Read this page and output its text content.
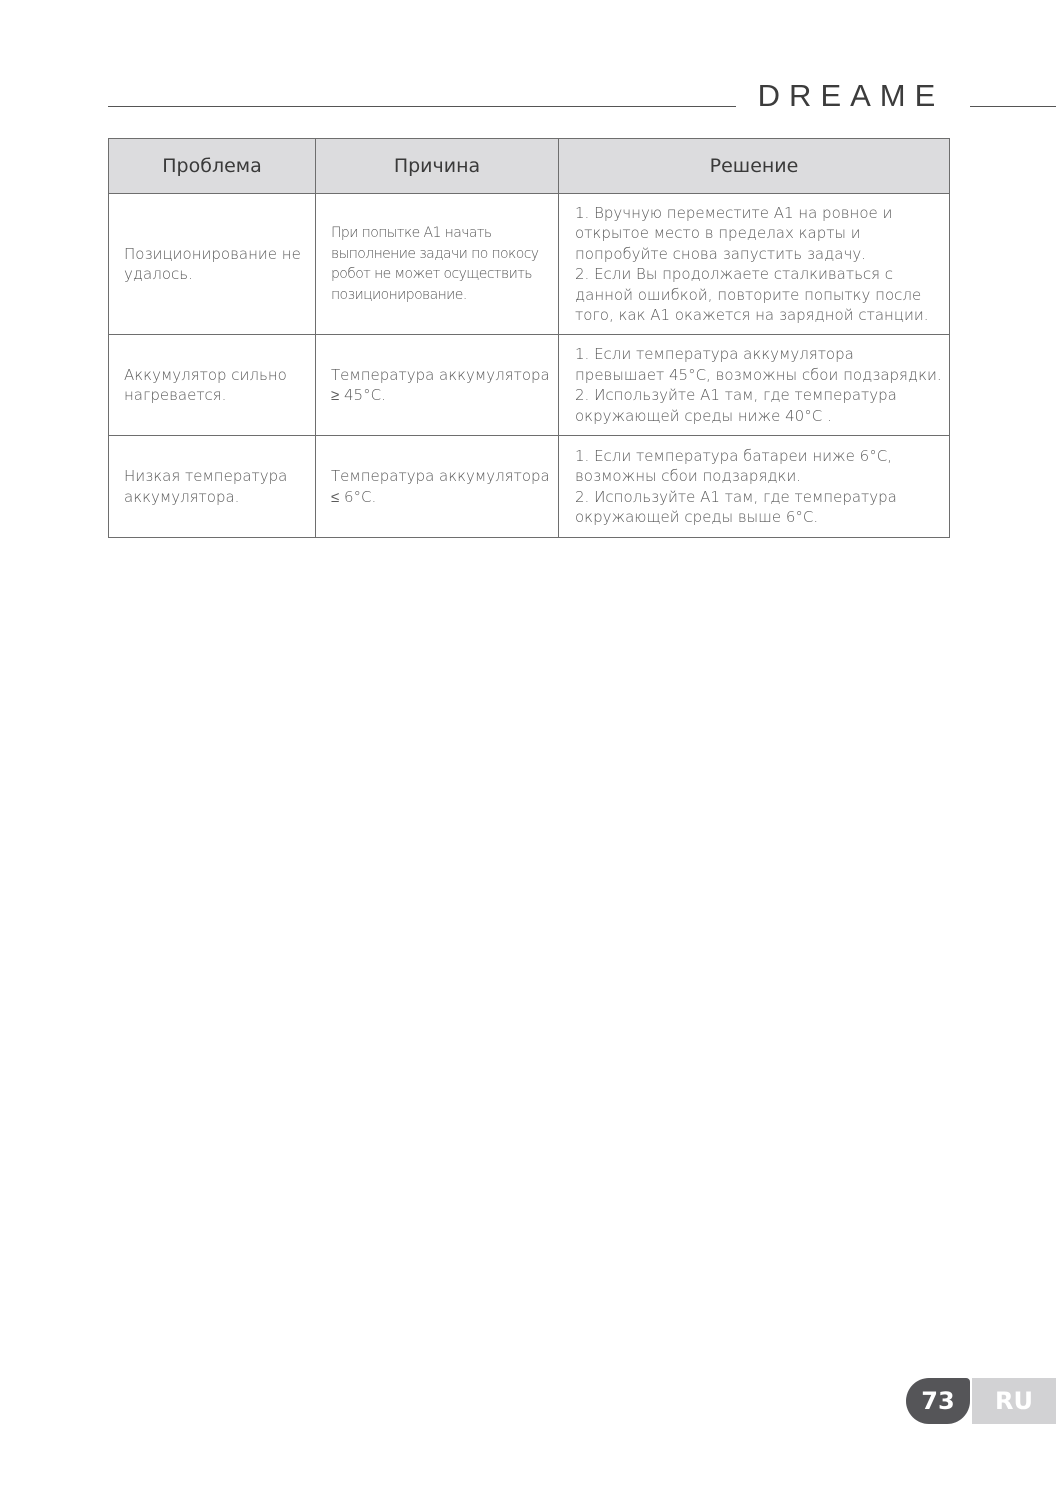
DREAME
Проблема	Причина	Решение
Позиционирование не удалось.	При попытке A1 начать выполнение задачи по покосу робот не может осуществить позиционирование.	1. Вручную переместите A1 на ровное и открытое место в пределах карты и попробуйте снова запустить задачу.
2. Если Вы продолжаете сталкиваться с данной ошибкой, повторите попытку после того, как A1 окажется на зарядной станции.

Аккумулятор сильно нагревается.	Температура аккумулятора ≥ 45°C.	1. Если температура аккумулятора превышает 45°C, возможны сбои подзарядки.
2. Используйте A1 там, где температура окружающей среды ниже 40°C .

Низкая температура аккумулятора.	Температура аккумулятора ≤ 6°C.	1. Если температура батареи ниже 6°C, возможны сбои подзарядки.
2. Используйте A1 там, где температура окружающей среды выше 6°C.
73	RU
